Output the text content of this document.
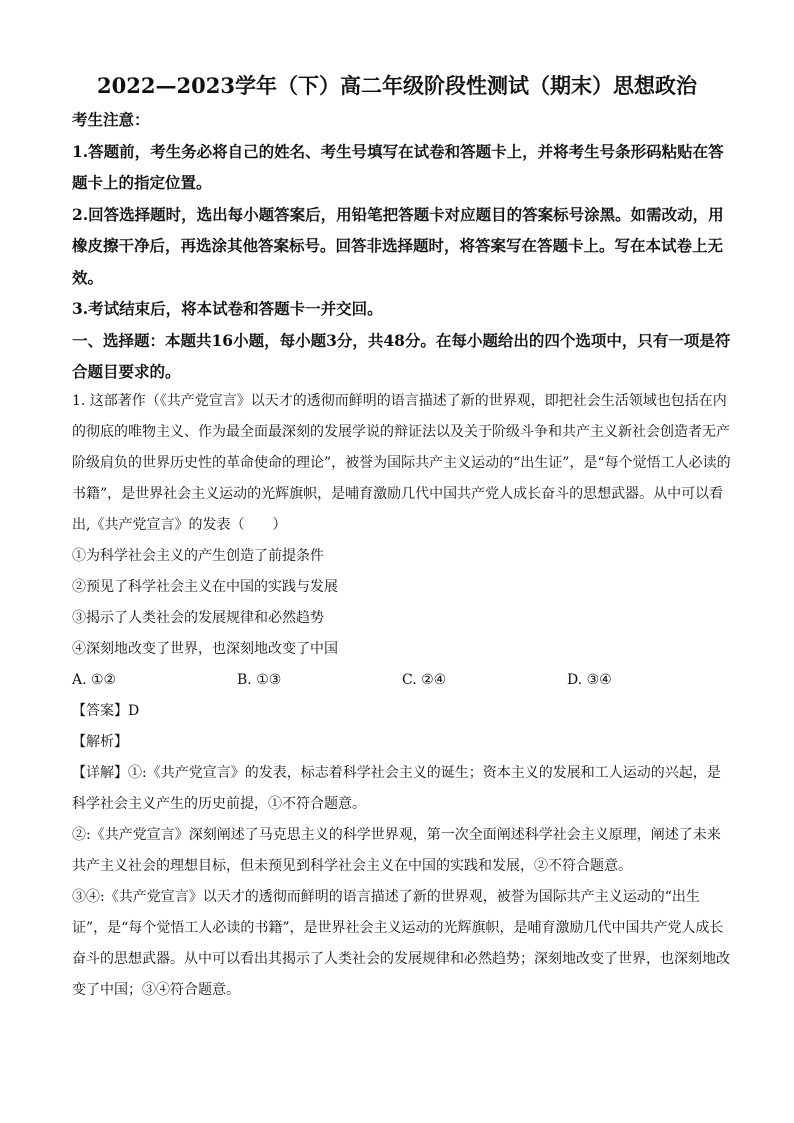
2022—2023学年（下）高二年级阶段性测试（期末）思想政治

考生注意：

1.答题前，考生务必将自己的姓名、考生号填写在试卷和答题卡上，并将考生号条形码粘贴在答题卡上的指定位置。

2.回答选择题时，选出每小题答案后，用铅笔把答题卡对应题目的答案标号涂黑。如需改动，用橡皮擦干净后，再选涂其他答案标号。回答非选择题时，将答案写在答题卡上。写在本试卷上无效。

3.考试结束后，将本试卷和答题卡一并交回。

一、选择题：本题共16小题，每小题3分，共48分。在每小题给出的四个选项中，只有一项是符合题目要求的。

1. 这部著作（《共产党宣言》以天才的透彻而鲜明的语言描述了新的世界观，即把社会生活领域也包括在内的彻底的唯物主义、作为最全面最深刻的发展学说的辩证法以及关于阶级斗争和共产主义新社会创造者无产阶级肩负的世界历史性的革命使命的理论”，被誉为国际共产主义运动的“出生证”，是“每个觉悟工人必读的书籍”，是世界社会主义运动的光辉旗帜，是哺育激励几代中国共产党人成长奋斗的思想武器。从中可以看出,《共产党宣言》的发表（　　）

①为科学社会主义的产生创造了前提条件

②预见了科学社会主义在中国的实践与发展

③揭示了人类社会的发展规律和必然趋势

④深刻地改变了世界，也深刻地改变了中国

A. ①②	B. ①③	C. ②④	D. ③④

【答案】D

【解析】

【详解】①:《共产党宣言》的发表，标志着科学社会主义的诞生；资本主义的发展和工人运动的兴起，是科学社会主义产生的历史前提，①不符合题意。

②:《共产党宣言》深刻阐述了马克思主义的科学世界观，第一次全面阐述科学社会主义原理，阐述了未来共产主义社会的理想目标，但未预见到科学社会主义在中国的实践和发展，②不符合题意。

③④:《共产党宣言》以天才的透彻而鲜明的语言描述了新的世界观，被誉为国际共产主义运动的“出生证”，是“每个觉悟工人必读的书籍”，是世界社会主义运动的光辉旗帜，是哺育激励几代中国共产党人成长奋斗的思想武器。从中可以看出其揭示了人类社会的发展规律和必然趋势；深刻地改变了世界，也深刻地改变了中国；③④符合题意。
